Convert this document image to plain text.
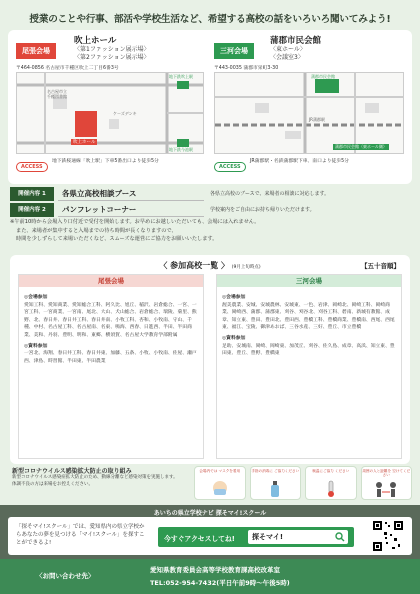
授業のことや行事、部活や学校生活など、希望する高校の話をいろいろ聞いてみよう!
尾張会場
吹上ホール
〈第1ファッション展示場〉
〈第2ファッション展示場〉
〒464-0856 名古屋市千種区吹上二丁目6番3号
名古屋市立
千種図書館
ケーズデンキ
吹上ホール
地下鉄吹上駅
地下鉄今池駅
ACCESS
地下鉄桜通線「吹上駅」下車5番出口より徒歩5分
三河会場
蒲郡市民会館
〈東ホール〉
〈会議室3〉
〒443-0035 蒲郡市栄町3-30
蒲郡市民会館
JR蒲郡駅
蒲郡市民会館（東ホール側）
ACCESS
JR蒲郡駅・名鉄蒲郡駅下車、南口より徒歩5分
開催内容 1	各県立高校相談ブース	各県立高校のブースで、来場者の相談に対応します。
開催内容 2	パンフレットコーナー	学校案内をご自由にお持ち帰りいただけます。
※午前10時から会場入り口付近で受付を開始します。お早めにお越しいただいても、会場には入れません。
また、来場者が集中すると入場までの待ち時間が長くなりますので、
時間を少しずらして来場いただくなど、スムーズな運営にご協力をお願いいたします。
〈 参加高校一覧 〉 (9月上旬時点)	【五十音順】
尾張会場
◎会場参加
愛知工科、愛知商業、愛知総合工科、阿久比、旭丘、稲沢、岩倉総合、一宮、一宮工科、一宮商業、一宮南、尾北、大山、犬山総合、岩倉総合、瑞陵、菊里、熊野、北、春日井、春日井工科、春日井南、小牧工科、杏和、小牧南、守山、千種、中村、名古屋工科、名古屋南、名東、鳴海、西春、日進西、半田、半田商業、美和、丹羽、豊明、明和、東郷、横須賀、名古屋大学教育学部附属
◎資料参加
一宮北、海翔、春日井工科、春日井東、加藤、五条、小牧、小牧南、佐屋、瀬戸西、津島、時習館、半田東、半田農業
三河会場
◎会場参加
渥美農業、安城、安城農林、安城東、一色、岩津、岡崎北、岡崎工科、岡崎商業、岡崎西、蒲郡、蒲郡東、刈谷、刈谷北、刈谷工科、碧南、新城有教館、成章、知立東、豊田、豊田北、豊田西、豊橋工科、豊橋商業、豊橋南、西尾、西尾東、福江、宝陵、御津あおば、三谷水産、三好、豊丘、市立豊橋
◎資料参加
足助、安城南、岡崎、岡崎東、加茂丘、刈谷、佐久島、成章、高浜、知立東、豊田東、豊丘、豊野、豊橋東
新型コロナウイルス感染拡大防止の取り組み
新型コロナウイルス感染症拡大防止のため、動線分離など感染対策を実施します。体調不良の方は来場をお控えください。
会場内では マスクを着用	手指の消毒に ご協力ください	検温にご協力 ください	周囲の人と距離を 空けてください
あいちの県立学校ナビ 探そマイ!スクール
「探そマイ!スクール」では、愛知県内の県立学校からあなたの夢を見つける「マイ!スクール」を探すことができるよ!
今すぐアクセスしてね! 探そマイ!
〈お問い合わせ先〉
愛知県教育委員会高等学校教育課高校改革室
TEL:052-954-7432(平日午前9時〜午後5時)
